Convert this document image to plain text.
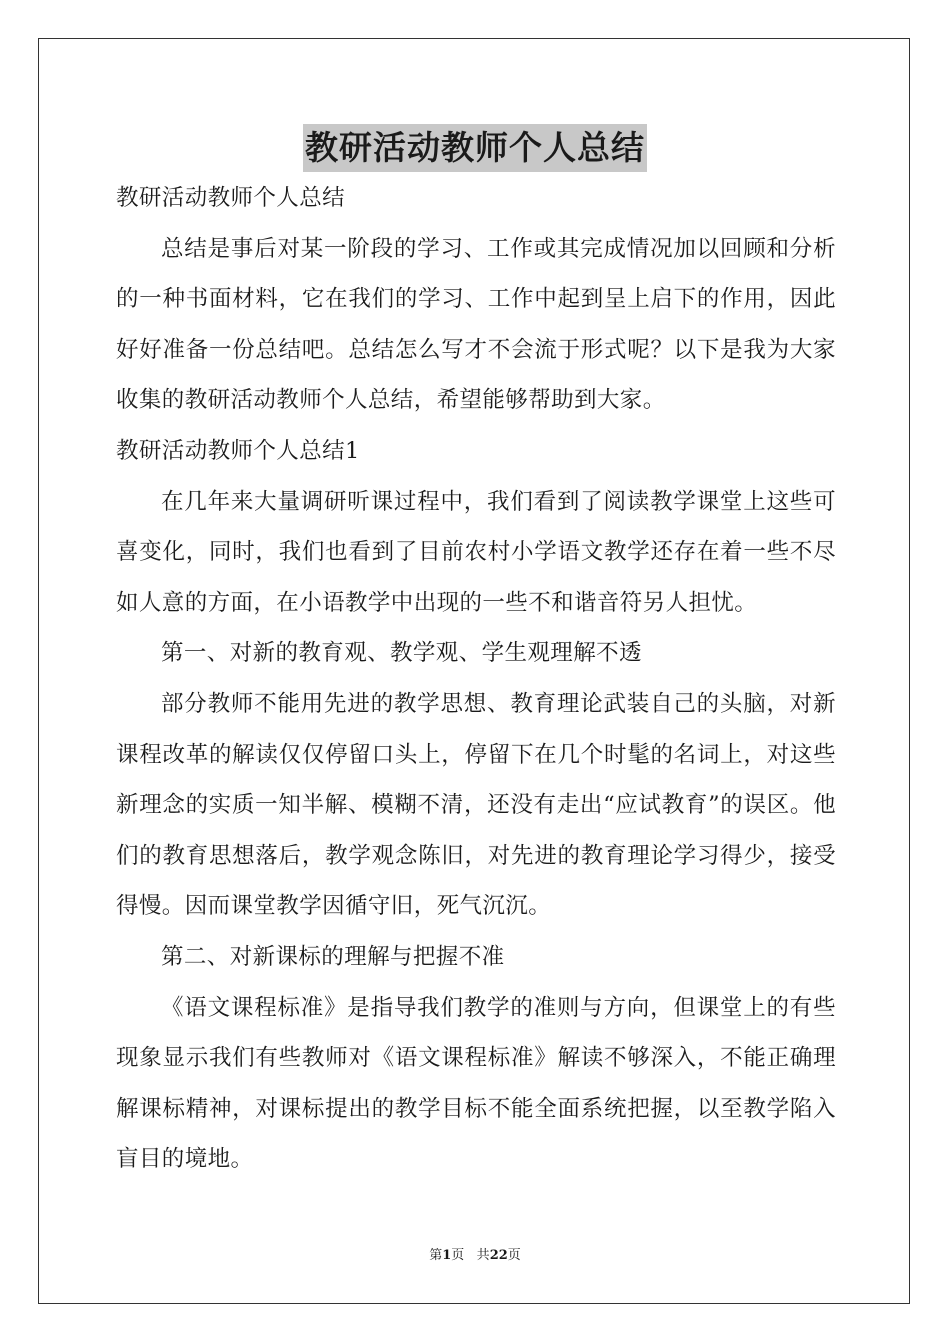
教研活动教师个人总结

教研活动教师个人总结

总结是事后对某一阶段的学习、工作或其完成情况加以回顾和分析的一种书面材料，它在我们的学习、工作中起到呈上启下的作用，因此好好准备一份总结吧。总结怎么写才不会流于形式呢？以下是我为大家收集的教研活动教师个人总结，希望能够帮助到大家。

教研活动教师个人总结1

在几年来大量调研听课过程中，我们看到了阅读教学课堂上这些可喜变化，同时，我们也看到了目前农村小学语文教学还存在着一些不尽如人意的方面，在小语教学中出现的一些不和谐音符另人担忧。

第一、对新的教育观、教学观、学生观理解不透

部分教师不能用先进的教学思想、教育理论武装自己的头脑，对新课程改革的解读仅仅停留口头上，停留下在几个时髦的名词上，对这些新理念的实质一知半解、模糊不清，还没有走出“应试教育”的误区。他们的教育思想落后，教学观念陈旧，对先进的教育理论学习得少，接受得慢。因而课堂教学因循守旧，死气沉沉。

第二、对新课标的理解与把握不准

《语文课程标准》是指导我们教学的准则与方向，但课堂上的有些现象显示我们有些教师对《语文课程标准》解读不够深入，不能正确理解课标精神，对课标提出的教学目标不能全面系统把握，以至教学陷入盲目的境地。

第1页 共22页
